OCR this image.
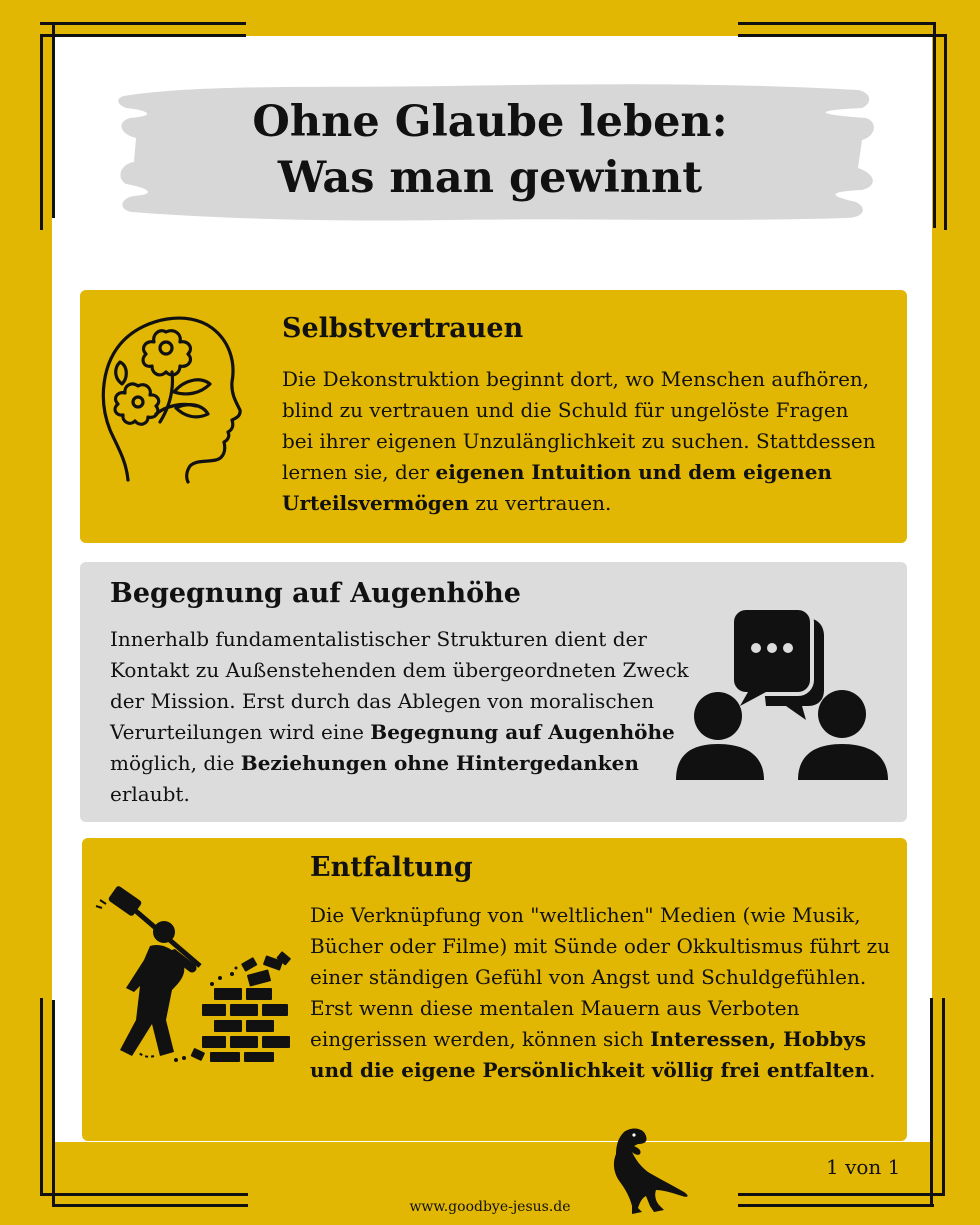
Ohne Glaube leben:
Was man gewinnt
Selbstvertrauen

Die Dekonstruktion beginnt dort, wo Menschen aufhören, blind zu vertrauen und die Schuld für ungelöste Fragen bei ihrer eigenen Unzulänglichkeit zu suchen. Stattdessen lernen sie, der eigenen Intuition und dem eigenen Urteilsvermögen zu vertrauen.

Begegnung auf Augenhöhe

Innerhalb fundamentalistischer Strukturen dient der Kontakt zu Außenstehenden dem übergeordneten Zweck der Mission. Erst durch das Ablegen von moralischen Verurteilungen wird eine Begegnung auf Augenhöhe möglich, die Beziehungen ohne Hintergedanken erlaubt.

Entfaltung

Die Verknüpfung von "weltlichen" Medien (wie Musik, Bücher oder Filme) mit Sünde oder Okkultismus führt zu einer ständigen Gefühl von Angst und Schuldgefühlen. Erst wenn diese mentalen Mauern aus Verboten eingerissen werden, können sich Interessen, Hobbys und die eigene Persönlichkeit völlig frei entfalten.

1 von 1
www.goodbye-jesus.de
